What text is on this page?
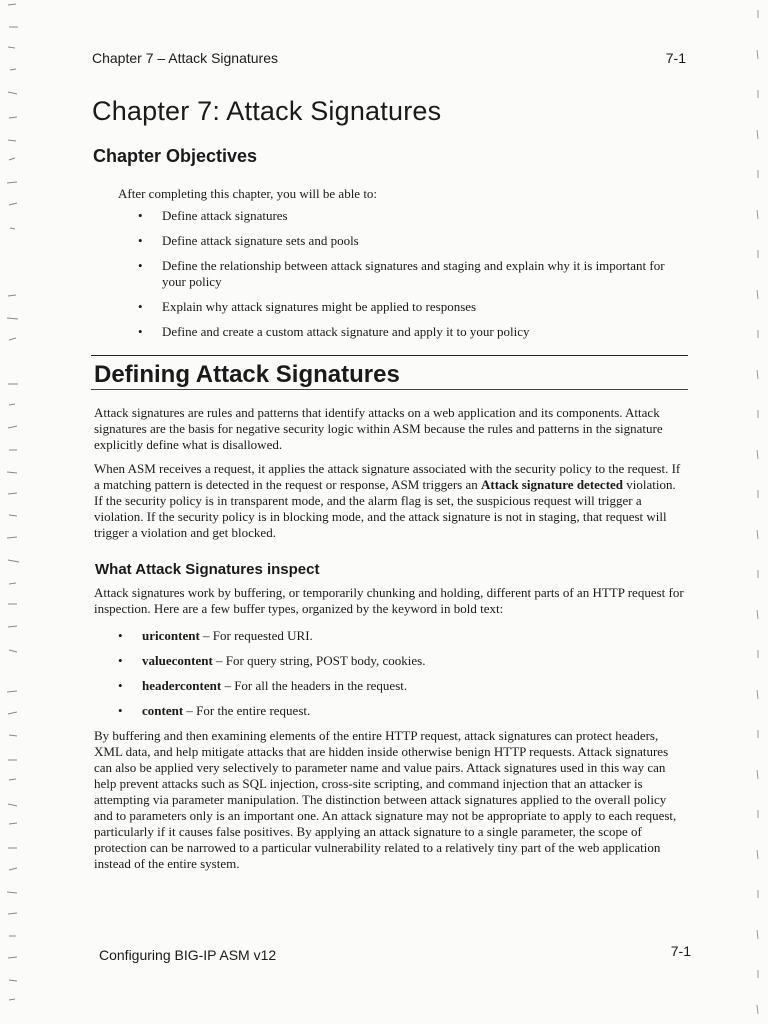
Chapter 7 – Attack Signatures	7-1
Chapter 7: Attack Signatures
Chapter Objectives

After completing this chapter, you will be able to:

• Define attack signatures
• Define attack signature sets and pools
• Define the relationship between attack signatures and staging and explain why it is important for your policy
• Explain why attack signatures might be applied to responses
• Define and create a custom attack signature and apply it to your policy
Defining Attack Signatures

Attack signatures are rules and patterns that identify attacks on a web application and its components. Attack signatures are the basis for negative security logic within ASM because the rules and patterns in the signature explicitly define what is disallowed.

When ASM receives a request, it applies the attack signature associated with the security policy to the request. If a matching pattern is detected in the request or response, ASM triggers an Attack signature detected violation. If the security policy is in transparent mode, and the alarm flag is set, the suspicious request will trigger a violation. If the security policy is in blocking mode, and the attack signature is not in staging, that request will trigger a violation and get blocked.

What Attack Signatures inspect

Attack signatures work by buffering, or temporarily chunking and holding, different parts of an HTTP request for inspection. Here are a few buffer types, organized by the keyword in bold text:

• uricontent – For requested URI.
• valuecontent – For query string, POST body, cookies.
• headercontent – For all the headers in the request.
• content – For the entire request.

By buffering and then examining elements of the entire HTTP request, attack signatures can protect headers, XML data, and help mitigate attacks that are hidden inside otherwise benign HTTP requests. Attack signatures can also be applied very selectively to parameter name and value pairs. Attack signatures used in this way can help prevent attacks such as SQL injection, cross-site scripting, and command injection that an attacker is attempting via parameter manipulation. The distinction between attack signatures applied to the overall policy and to parameters only is an important one. An attack signature may not be appropriate to apply to each request, particularly if it causes false positives. By applying an attack signature to a single parameter, the scope of protection can be narrowed to a particular vulnerability related to a relatively tiny part of the web application instead of the entire system.

Configuring BIG-IP ASM v12	7-1
